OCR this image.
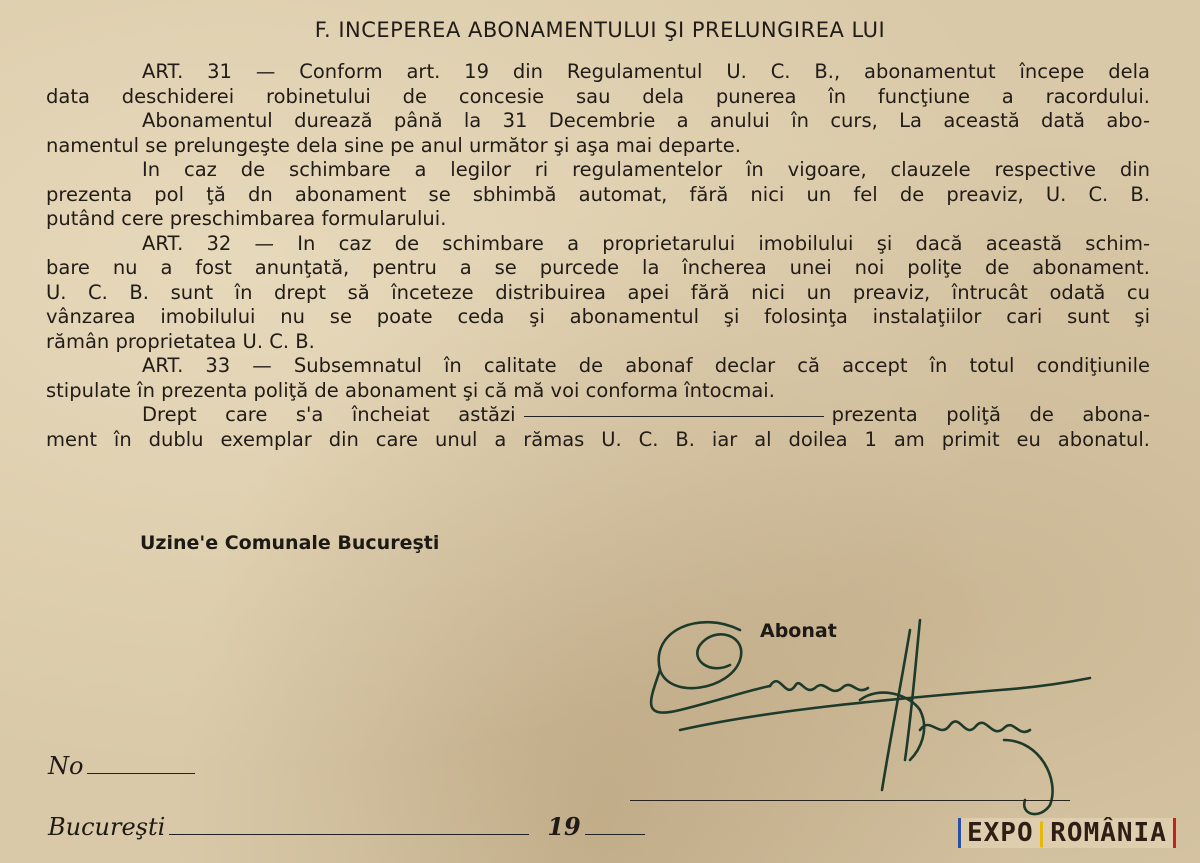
F. INCEPEREA ABONAMENTULUI ŞI PRELUNGIREA LUI
ART. 31 — Conform art. 19 din Regulamentul U. C. B., abonamentut începe dela
data deschiderei robinetului de concesie sau dela punerea în funcţiune a racordului.
Abonamentul durează până la 31 Decembrie a anului în curs, La această dată abo-
namentul se prelungeşte dela sine pe anul următor şi aşa mai departe.
In caz de schimbare a legilor ri regulamentelor în vigoare, clauzele respective din
prezenta pol ţă dn abonament se sbhimbă automat, fără nici un fel de preaviz, U. C. B.
putând cere preschimbarea formularului.
ART. 32 — In caz de schimbare a proprietarului imobilului şi dacă această schim-
bare nu a fost anunţată, pentru a se purcede la încherea unei noi poliţe de abonament.
U. C. B. sunt în drept să înceteze distribuirea apei fără nici un preaviz, întrucât odată cu
vânzarea imobilului nu se poate ceda şi abonamentul şi folosinţa instalaţiilor cari sunt şi
rămân proprietatea U. C. B.
ART. 33 — Subsemnatul în calitate de abonaf declar că accept în totul condiţiunile
stipulate în prezenta poliţă de abonament şi că mă voi conforma întocmai.
Drept care s'a încheiat astăzi	prezenta poliţă de abona-
ment în dublu exemplar din care unul a rămas U. C. B. iar al doilea 1 am primit eu abonatul.
Uzine'e Comunale Bucureşti
Abonat
No
Bucureşti	19	EXPO|ROMÂNIA
